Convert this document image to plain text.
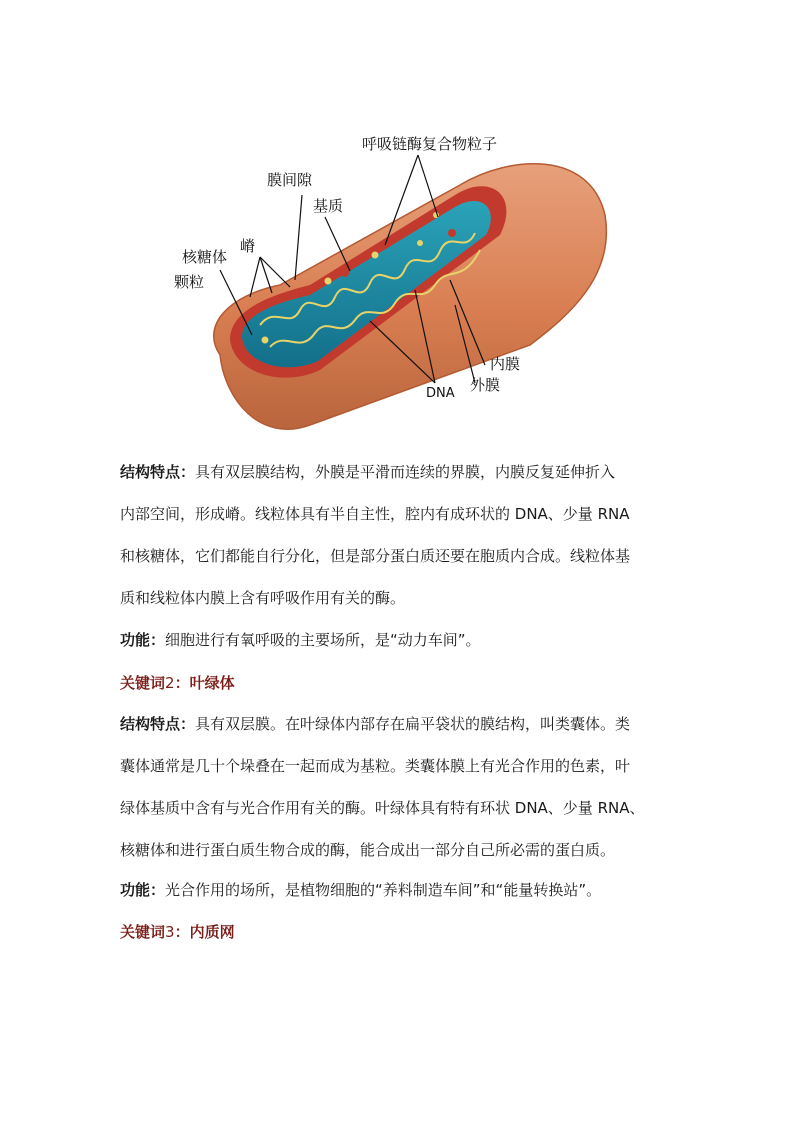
呼吸链酶复合物粒子
膜间隙
基质
嵴
核糖体
颗粒
内膜
外膜
DNA
结构特点：具有双层膜结构，外膜是平滑而连续的界膜，内膜反复延伸折入
内部空间，形成嵴。线粒体具有半自主性，腔内有成环状的 DNA、少量 RNA
和核糖体，它们都能自行分化，但是部分蛋白质还要在胞质内合成。线粒体基
质和线粒体内膜上含有呼吸作用有关的酶。

功能：细胞进行有氧呼吸的主要场所，是“动力车间”。

关键词2：叶绿体

结构特点：具有双层膜。在叶绿体内部存在扁平袋状的膜结构，叫类囊体。类
囊体通常是几十个垛叠在一起而成为基粒。类囊体膜上有光合作用的色素，叶
绿体基质中含有与光合作用有关的酶。叶绿体具有特有环状 DNA、少量 RNA、
核糖体和进行蛋白质生物合成的酶，能合成出一部分自己所必需的蛋白质。

功能：光合作用的场所，是植物细胞的“养料制造车间”和“能量转换站”。

关键词3：内质网
